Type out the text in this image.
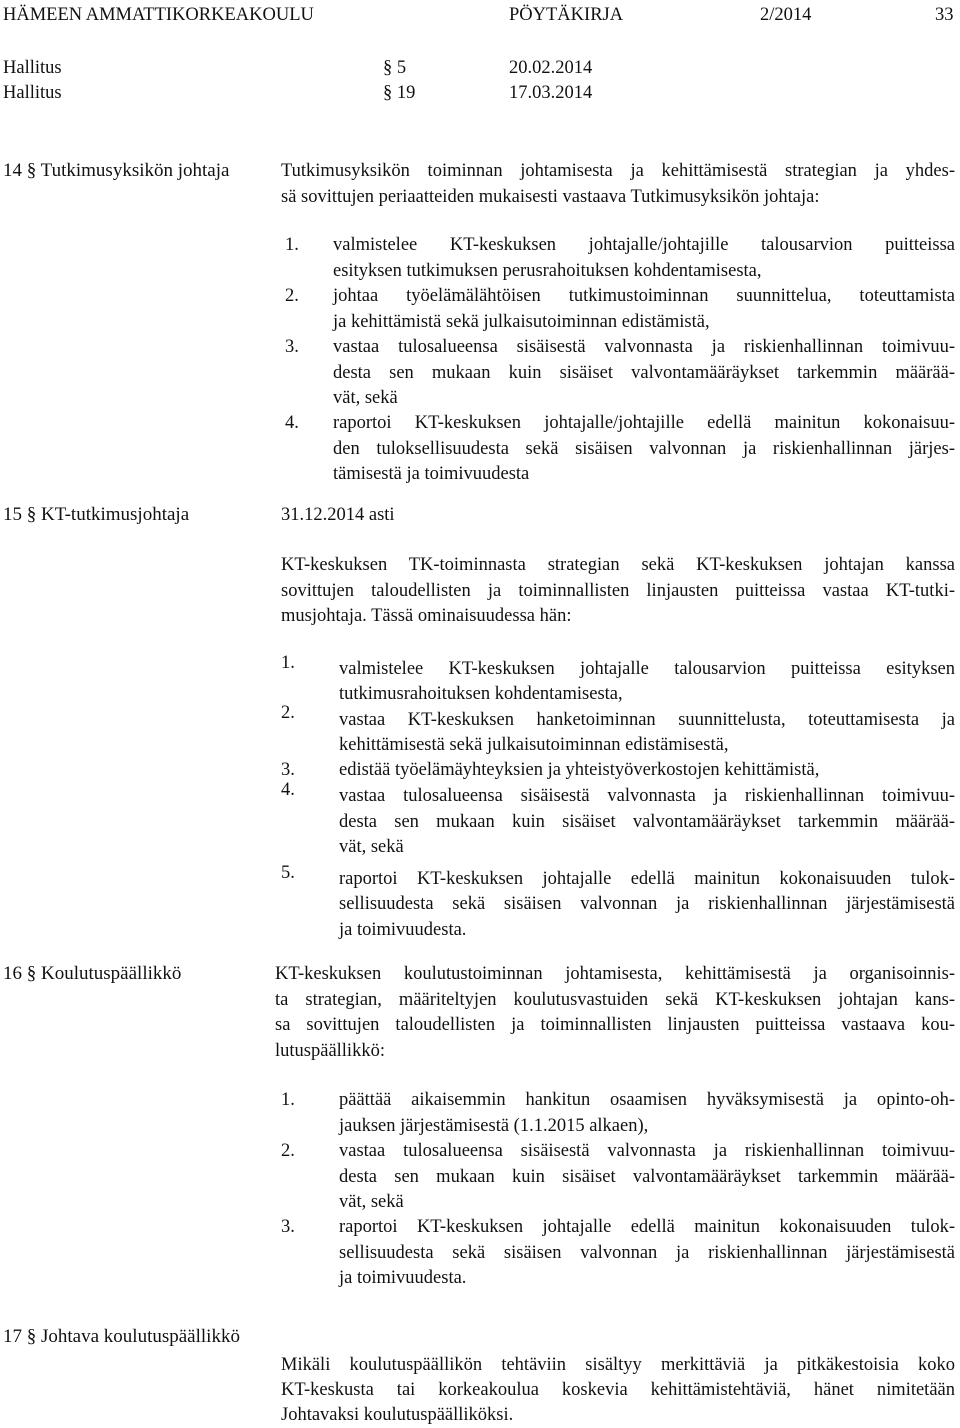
HÄMEEN AMMATTIKORKEAKOULU	PÖYTÄKIRJA	2/2014	33
Hallitus	§ 5	20.02.2014
Hallitus	§ 19	17.03.2014
14 § Tutkimusyksikön johtaja	Tutkimusyksikön toiminnan johtamisesta ja kehittämisestä strategian ja yhdes-
sä sovittujen periaatteiden mukaisesti vastaava Tutkimusyksikön johtaja:
1. valmistelee KT-keskuksen johtajalle/johtajille talousarvion puitteissa
esityksen tutkimuksen perusrahoituksen kohdentamisesta,
2. johtaa työelämälähtöisen tutkimustoiminnan suunnittelua, toteuttamista
ja kehittämistä sekä julkaisutoiminnan edistämistä,
3. vastaa tulosalueensa sisäisestä valvonnasta ja riskienhallinnan toimivuu-
desta sen mukaan kuin sisäiset valvontamääräykset tarkemmin määrää-
vät, sekä
4. raportoi KT-keskuksen johtajalle/johtajille edellä mainitun kokonaisuu-
den tuloksellisuudesta sekä sisäisen valvonnan ja riskienhallinnan järjes-
tämisestä ja toimivuudesta
15 § KT-tutkimusjohtaja	31.12.2014 asti
KT-keskuksen TK-toiminnasta strategian sekä KT-keskuksen johtajan kanssa
sovittujen taloudellisten ja toiminnallisten linjausten puitteissa vastaa KT-tutki-
musjohtaja. Tässä ominaisuudessa hän:
1. valmistelee KT-keskuksen johtajalle talousarvion puitteissa esityksen
tutkimusrahoituksen kohdentamisesta,
2. vastaa KT-keskuksen hanketoiminnan suunnittelusta, toteuttamisesta ja
kehittämisestä sekä julkaisutoiminnan edistämisestä,
3. edistää työelämäyhteyksien ja yhteistyöverkostojen kehittämistä,
4. vastaa tulosalueensa sisäisestä valvonnasta ja riskienhallinnan toimivuu-
desta sen mukaan kuin sisäiset valvontamääräykset tarkemmin määrää-
vät, sekä
5. raportoi KT-keskuksen johtajalle edellä mainitun kokonaisuuden tulok-
sellisuudesta sekä sisäisen valvonnan ja riskienhallinnan järjestämisestä
ja toimivuudesta.
16 § Koulutuspäällikkö	KT-keskuksen koulutustoiminnan johtamisesta, kehittämisestä ja organisoinnis-
ta strategian, määriteltyjen koulutusvastuiden sekä KT-keskuksen johtajan kans-
sa sovittujen taloudellisten ja toiminnallisten linjausten puitteissa vastaava kou-
lutuspäällikkö:
1. päättää aikaisemmin hankitun osaamisen hyväksymisestä ja opinto-oh-
jauksen järjestämisestä (1.1.2015 alkaen),
2. vastaa tulosalueensa sisäisestä valvonnasta ja riskienhallinnan toimivuu-
desta sen mukaan kuin sisäiset valvontamääräykset tarkemmin määrää-
vät, sekä
3. raportoi KT-keskuksen johtajalle edellä mainitun kokonaisuuden tulok-
sellisuudesta sekä sisäisen valvonnan ja riskienhallinnan järjestämisestä
ja toimivuudesta.
17 § Johtava koulutuspäällikkö
Mikäli koulutuspäällikön tehtäviin sisältyy merkittäviä ja pitkäkestoisia koko
KT-keskusta tai korkeakoulua koskevia kehittämistehtäviä, hänet nimitetään
Johtavaksi koulutuspäälliköksi.
